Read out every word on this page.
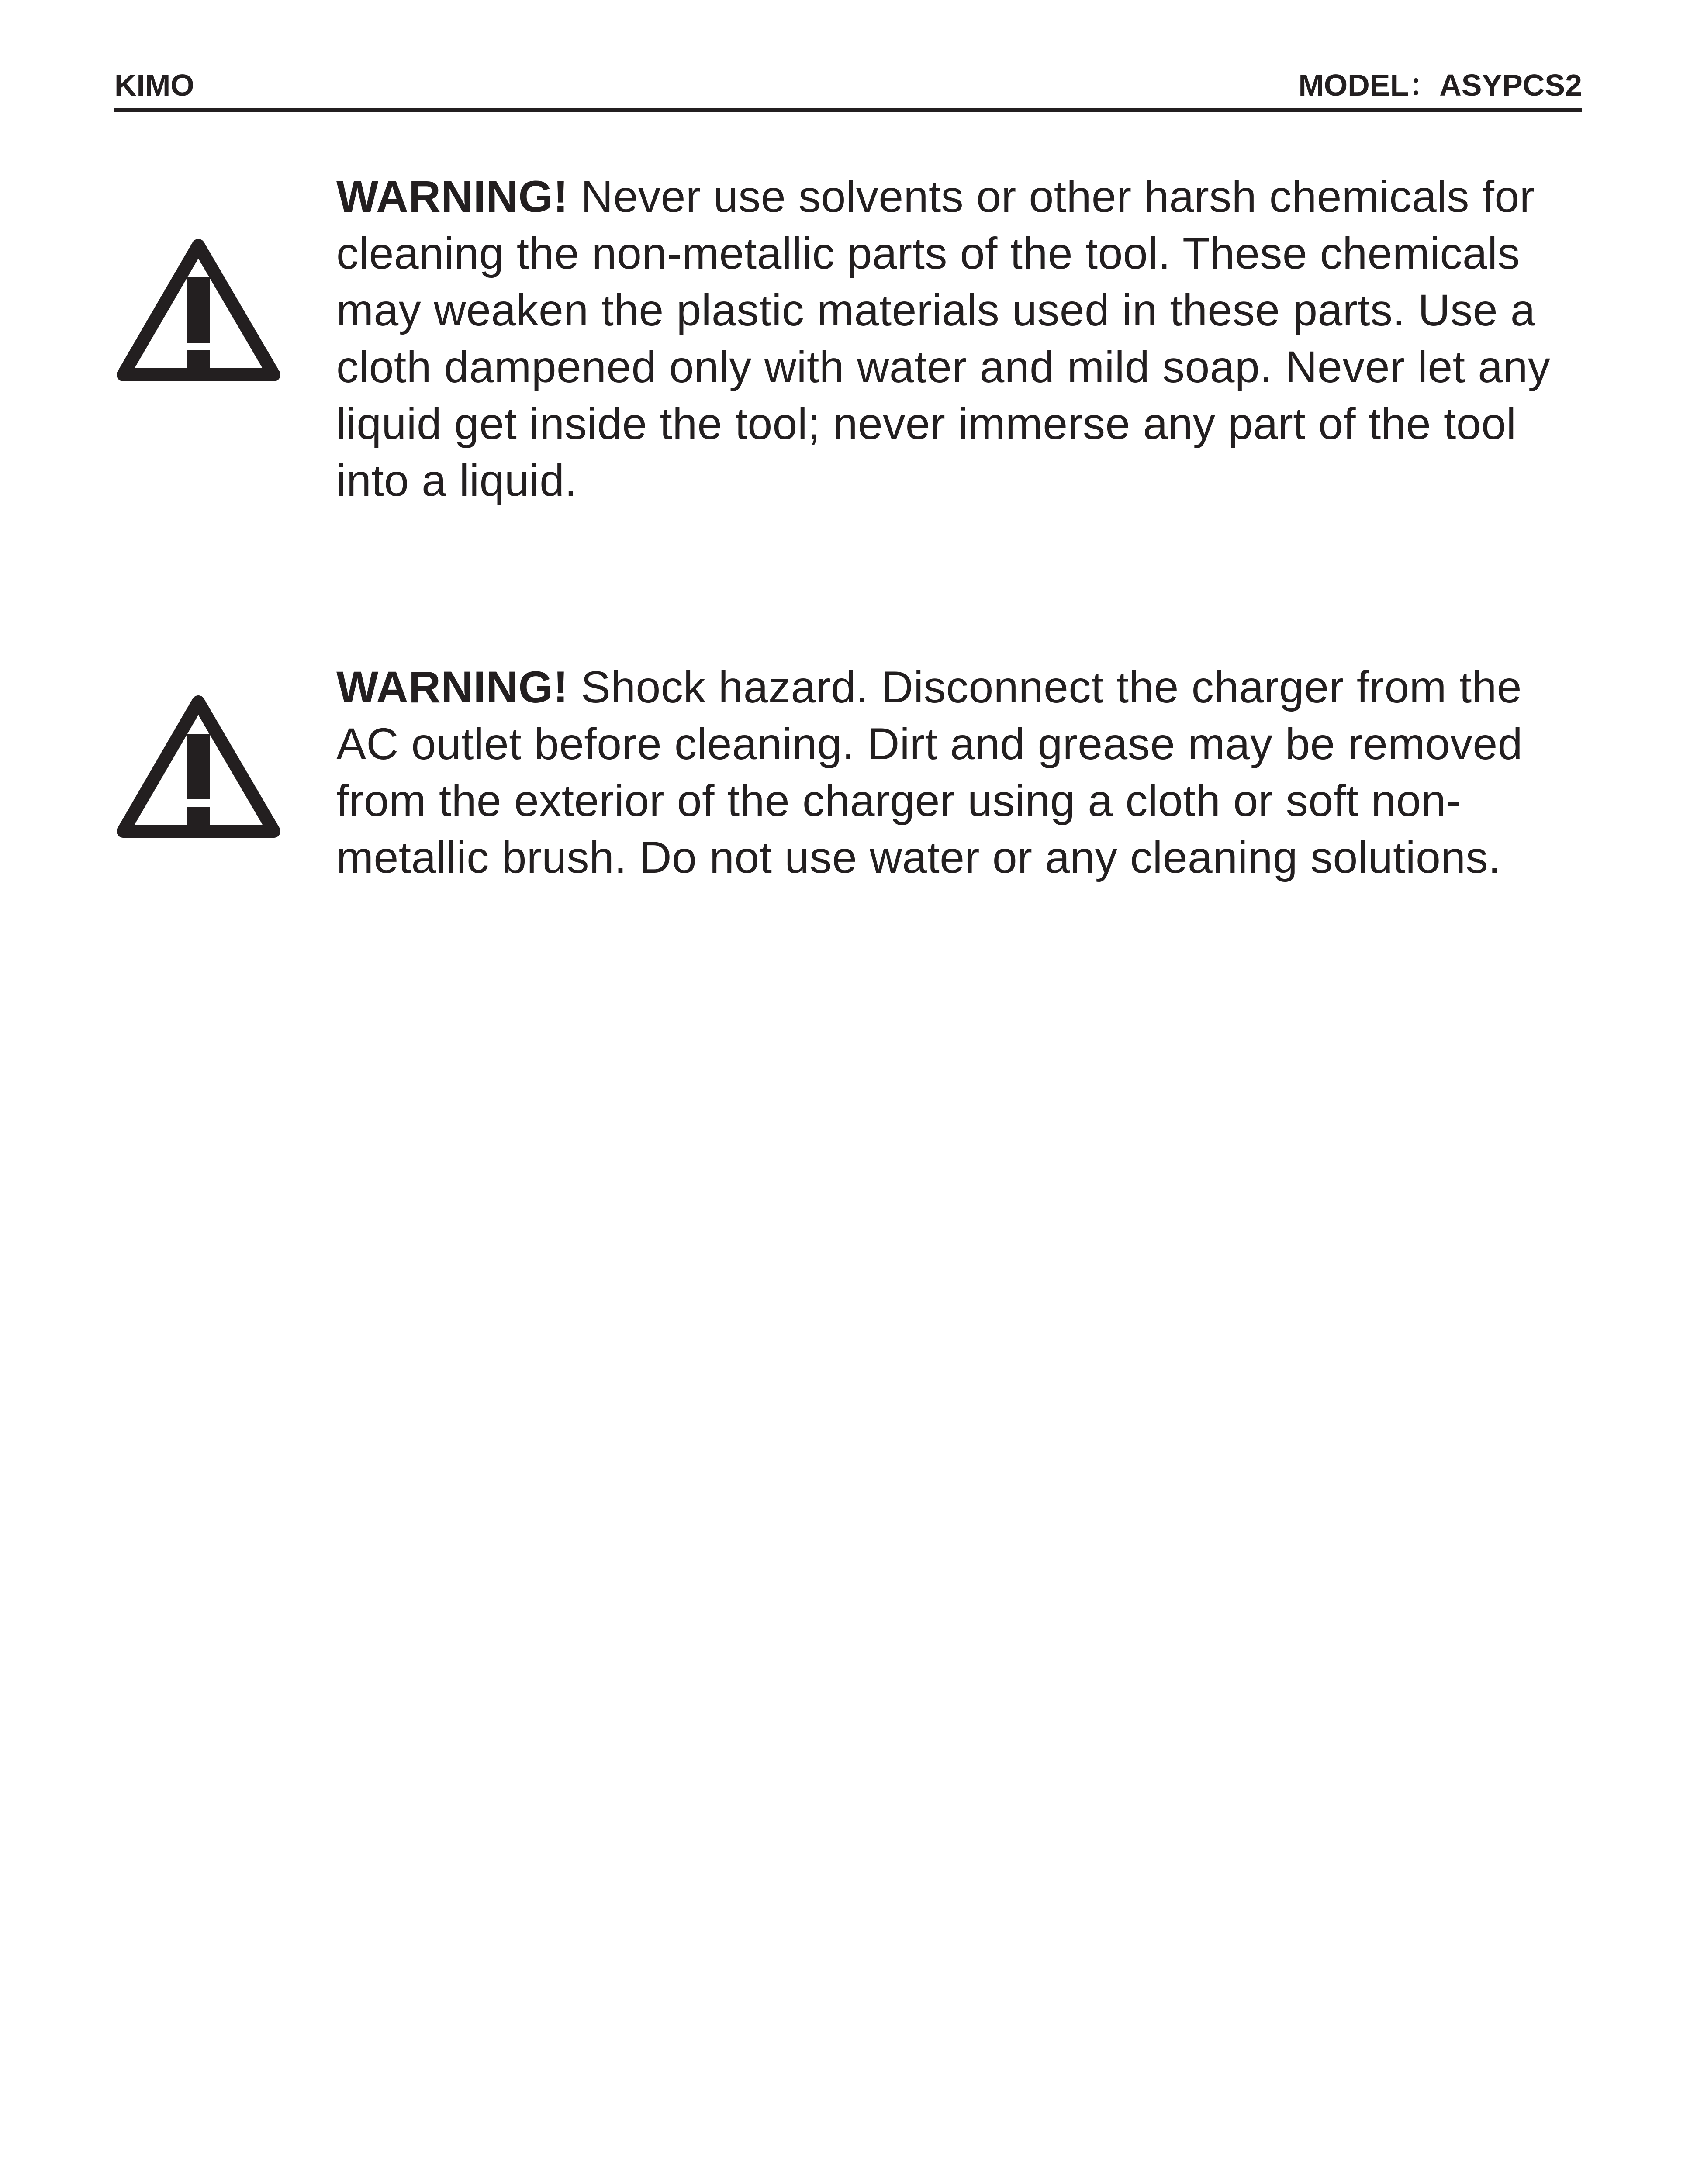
KIMO	MODEL：ASYPCS2
WARNING! Never use solvents or other harsh chemicals for cleaning the non-metallic parts of the tool. These chemicals may weaken the plastic materials used in these parts. Use a cloth dampened only with water and mild soap. Never let any liquid get inside the tool; never immerse any part of the tool into a liquid.
WARNING! Shock hazard. Disconnect the charger from the AC outlet before cleaning. Dirt and grease may be removed from the exterior of the charger using a cloth or soft non-metallic brush. Do not use water or any cleaning solutions.
